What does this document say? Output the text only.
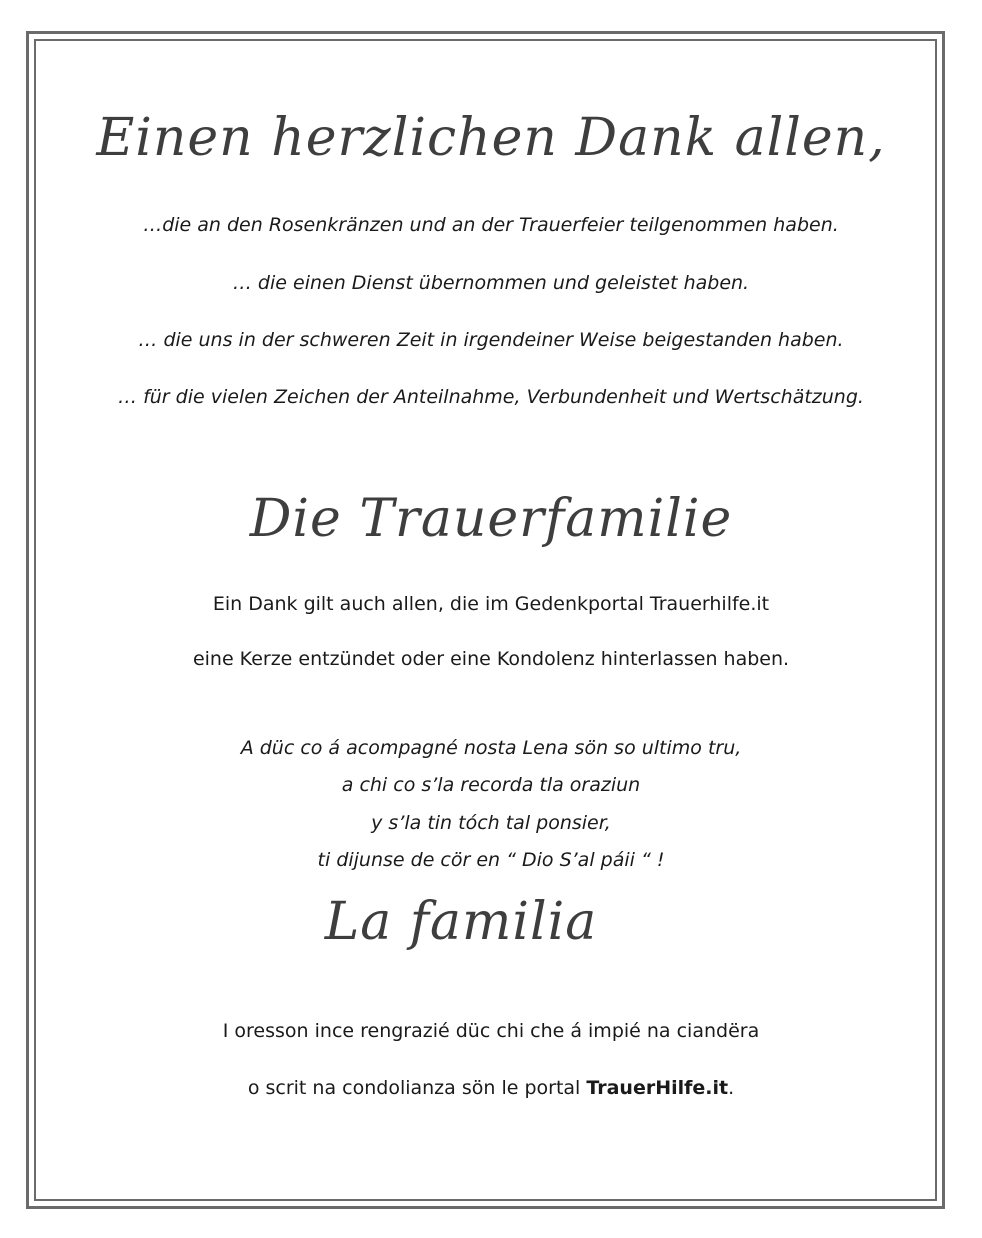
Einen herzlichen Dank allen,
…die an den Rosenkränzen und an der Trauerfeier teilgenommen haben.
… die einen Dienst übernommen und geleistet haben.
… die uns in der schweren Zeit in irgendeiner Weise beigestanden haben.
… für die vielen Zeichen der Anteilnahme, Verbundenheit und Wertschätzung.
Die Trauerfamilie
Ein Dank gilt auch allen, die im Gedenkportal Trauerhilfe.it
eine Kerze entzündet oder eine Kondolenz hinterlassen haben.
A düc co á acompagné nosta Lena sön so ultimo tru,
a chi co s’la recorda tla oraziun
y s’la tin tóch tal ponsier,
ti dijunse de cör en “ Dio S’al páii “ !
La familia
I oresson ince rengrazié düc chi che á impié na ciandëra
o scrit na condolianza sön le portal TrauerHilfe.it.
